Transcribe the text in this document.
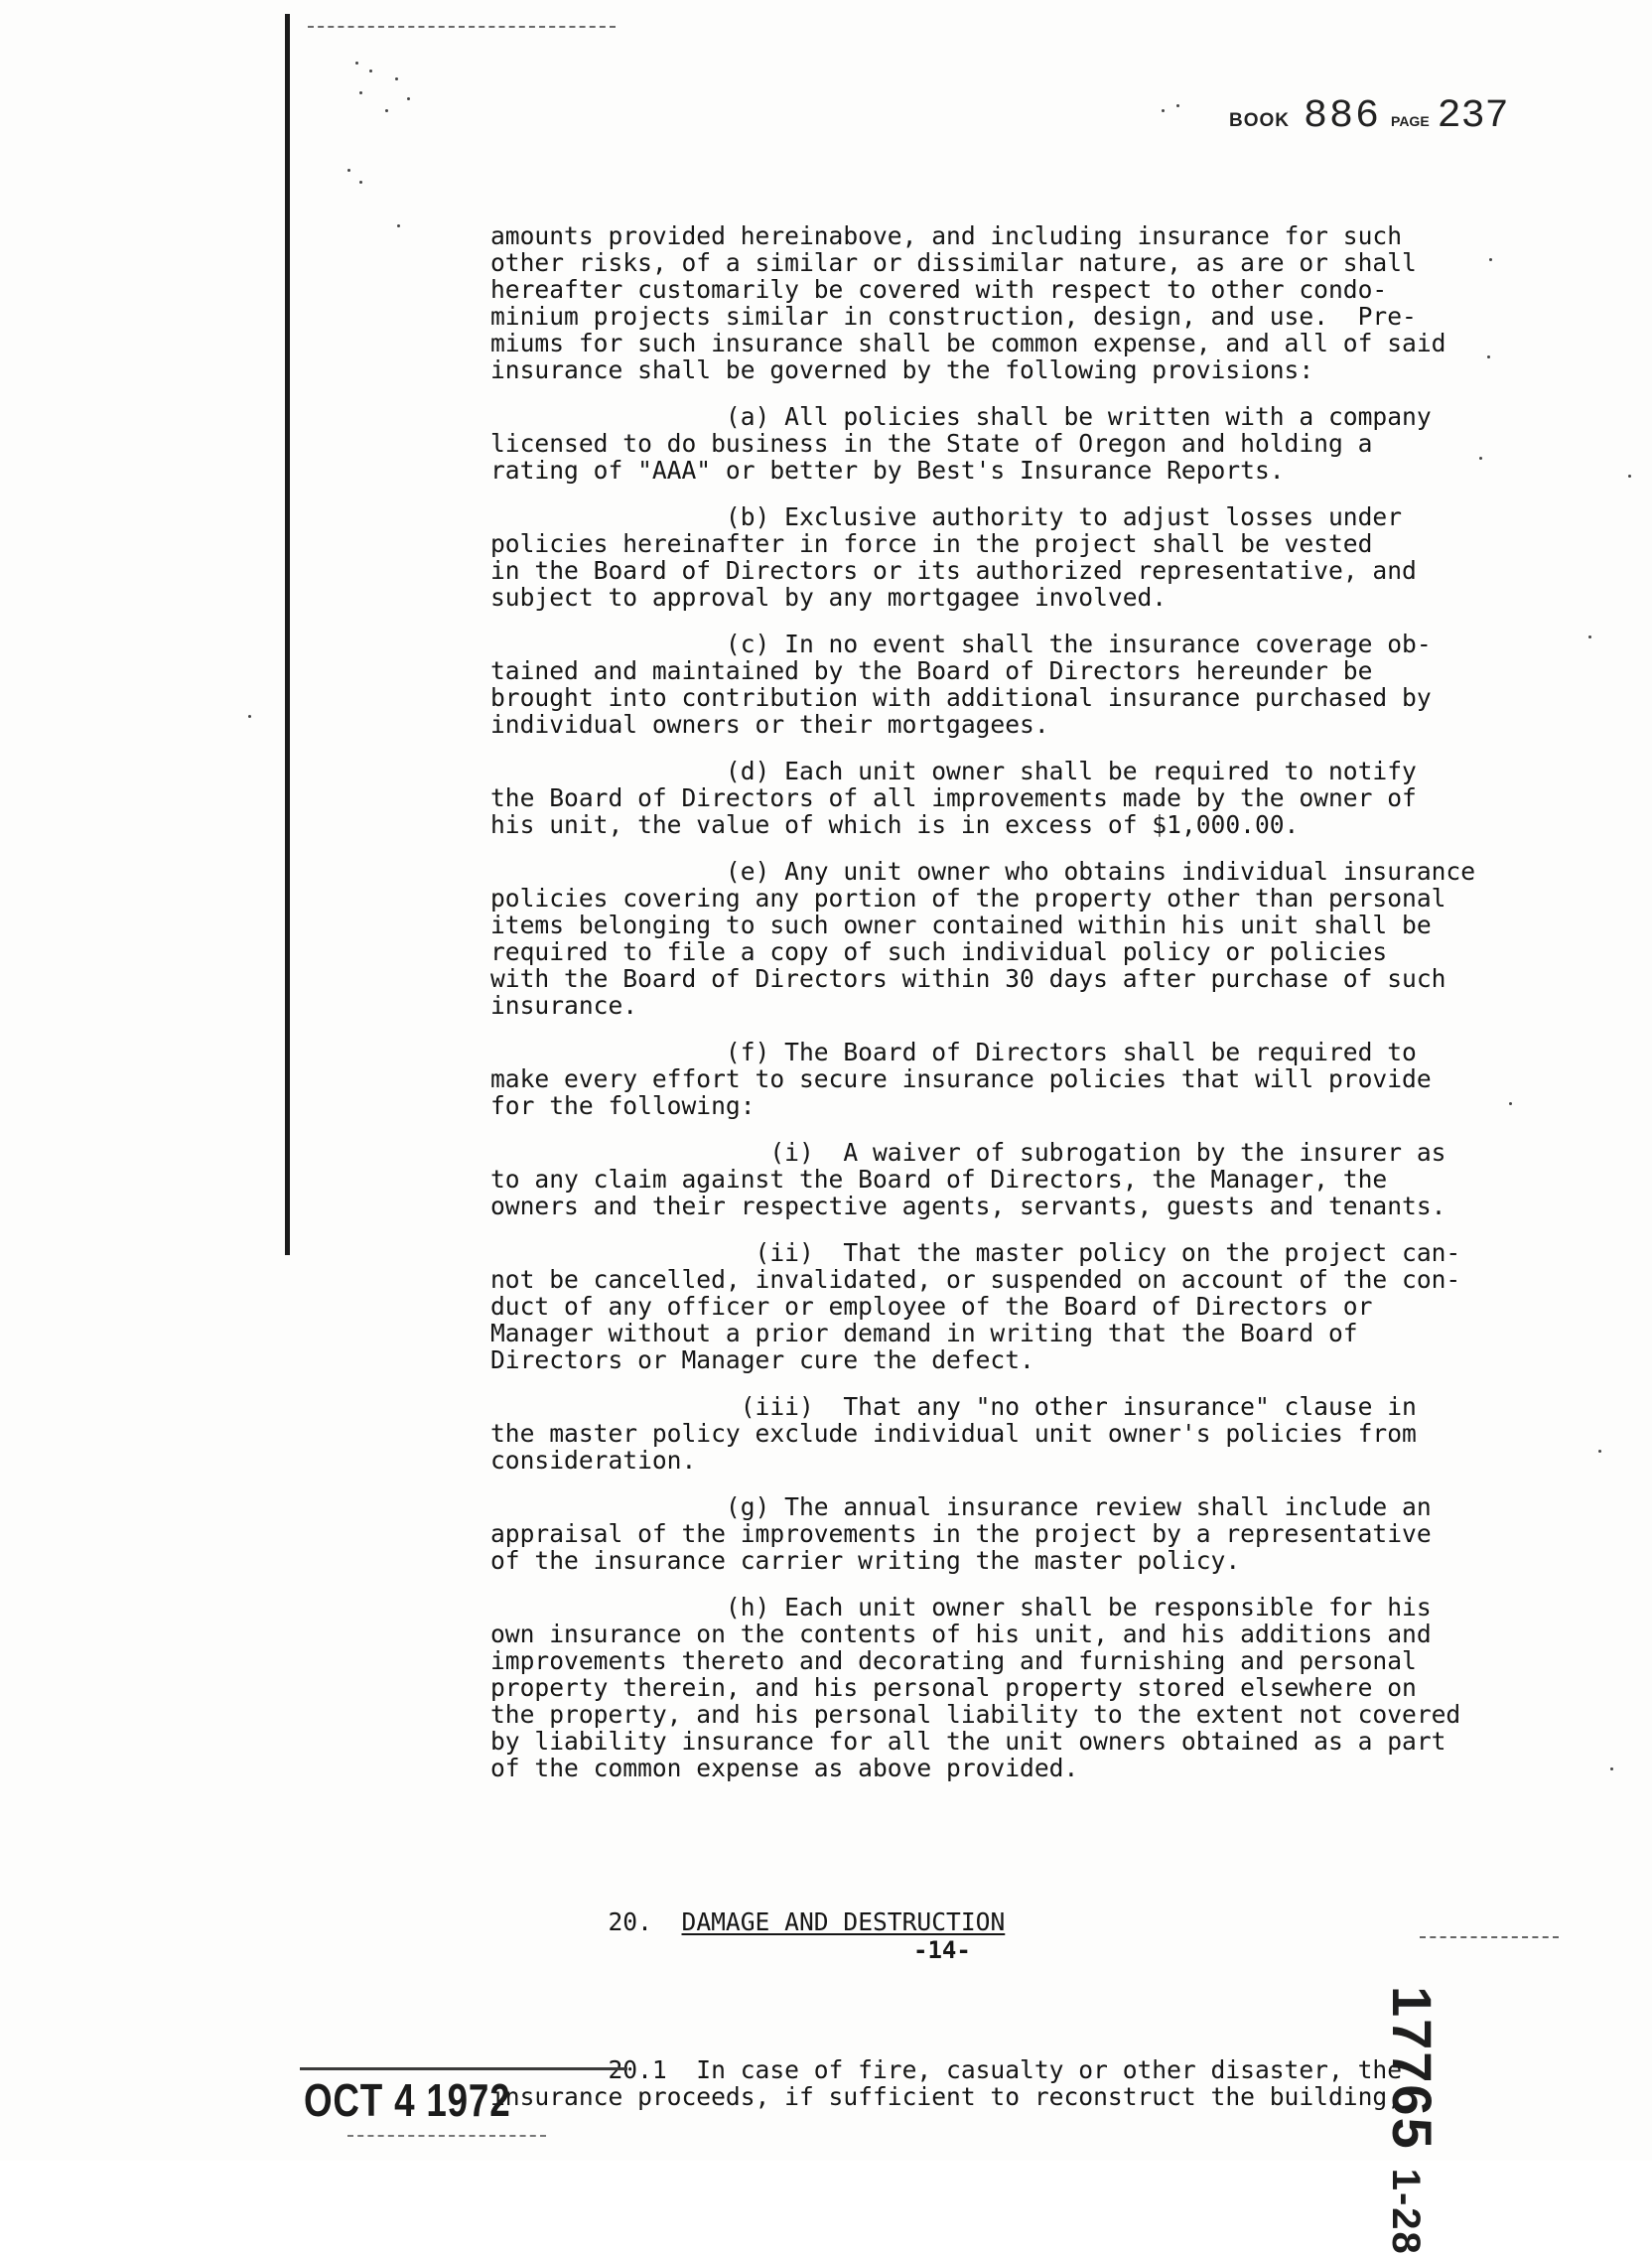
BOOK 886 PAGE 237

amounts provided hereinabove, and including insurance for such

other risks, of a similar or dissimilar nature, as are or shall

hereafter customarily be covered with respect to other condo-

minium projects similar in construction, design, and use.  Pre-

miums for such insurance shall be common expense, and all of said

insurance shall be governed by the following provisions:

(a) All policies shall be written with a company

licensed to do business in the State of Oregon and holding a

rating of "AAA" or better by Best's Insurance Reports.

(b) Exclusive authority to adjust losses under

policies hereinafter in force in the project shall be vested

in the Board of Directors or its authorized representative, and

subject to approval by any mortgagee involved.

(c) In no event shall the insurance coverage ob-

tained and maintained by the Board of Directors hereunder be

brought into contribution with additional insurance purchased by

individual owners or their mortgagees.

(d) Each unit owner shall be required to notify

the Board of Directors of all improvements made by the owner of

his unit, the value of which is in excess of $1,000.00.

(e) Any unit owner who obtains individual insurance

policies covering any portion of the property other than personal

items belonging to such owner contained within his unit shall be

required to file a copy of such individual policy or policies

with the Board of Directors within 30 days after purchase of such

insurance.

(f) The Board of Directors shall be required to

make every effort to secure insurance policies that will provide

for the following:

(i)  A waiver of subrogation by the insurer as

to any claim against the Board of Directors, the Manager, the

owners and their respective agents, servants, guests and tenants.

(ii)  That the master policy on the project can-

not be cancelled, invalidated, or suspended on account of the con-

duct of any officer or employee of the Board of Directors or

Manager without a prior demand in writing that the Board of

Directors or Manager cure the defect.

(iii)  That any "no other insurance" clause in

the master policy exclude individual unit owner's policies from

consideration.

(g) The annual insurance review shall include an

appraisal of the improvements in the project by a representative

of the insurance carrier writing the master policy.

(h) Each unit owner shall be responsible for his

own insurance on the contents of his unit, and his additions and

improvements thereto and decorating and furnishing and personal

property therein, and his personal property stored elsewhere on

the property, and his personal liability to the extent not covered

by liability insurance for all the unit owners obtained as a part

of the common expense as above provided.

20. DAMAGE AND DESTRUCTION

20.1  In case of fire, casualty or other disaster, the

insurance proceeds, if sufficient to reconstruct the building,

-14-
OCT 4 1972	177651-28
